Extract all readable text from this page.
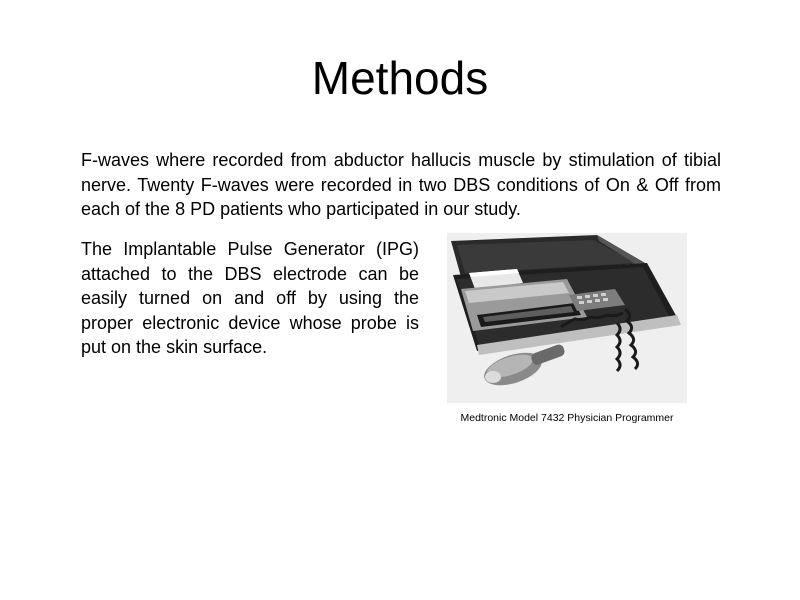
Methods

F-waves where recorded from abductor hallucis muscle by stimulation of tibial nerve. Twenty F-waves were recorded in two DBS conditions of On & Off from each of the 8 PD patients who participated in our study.

The Implantable Pulse Generator (IPG) attached to the DBS electrode can be easily turned on and off by using the proper electronic device whose probe is put on the skin surface.

Medtronic Model 7432 Physician Programmer
